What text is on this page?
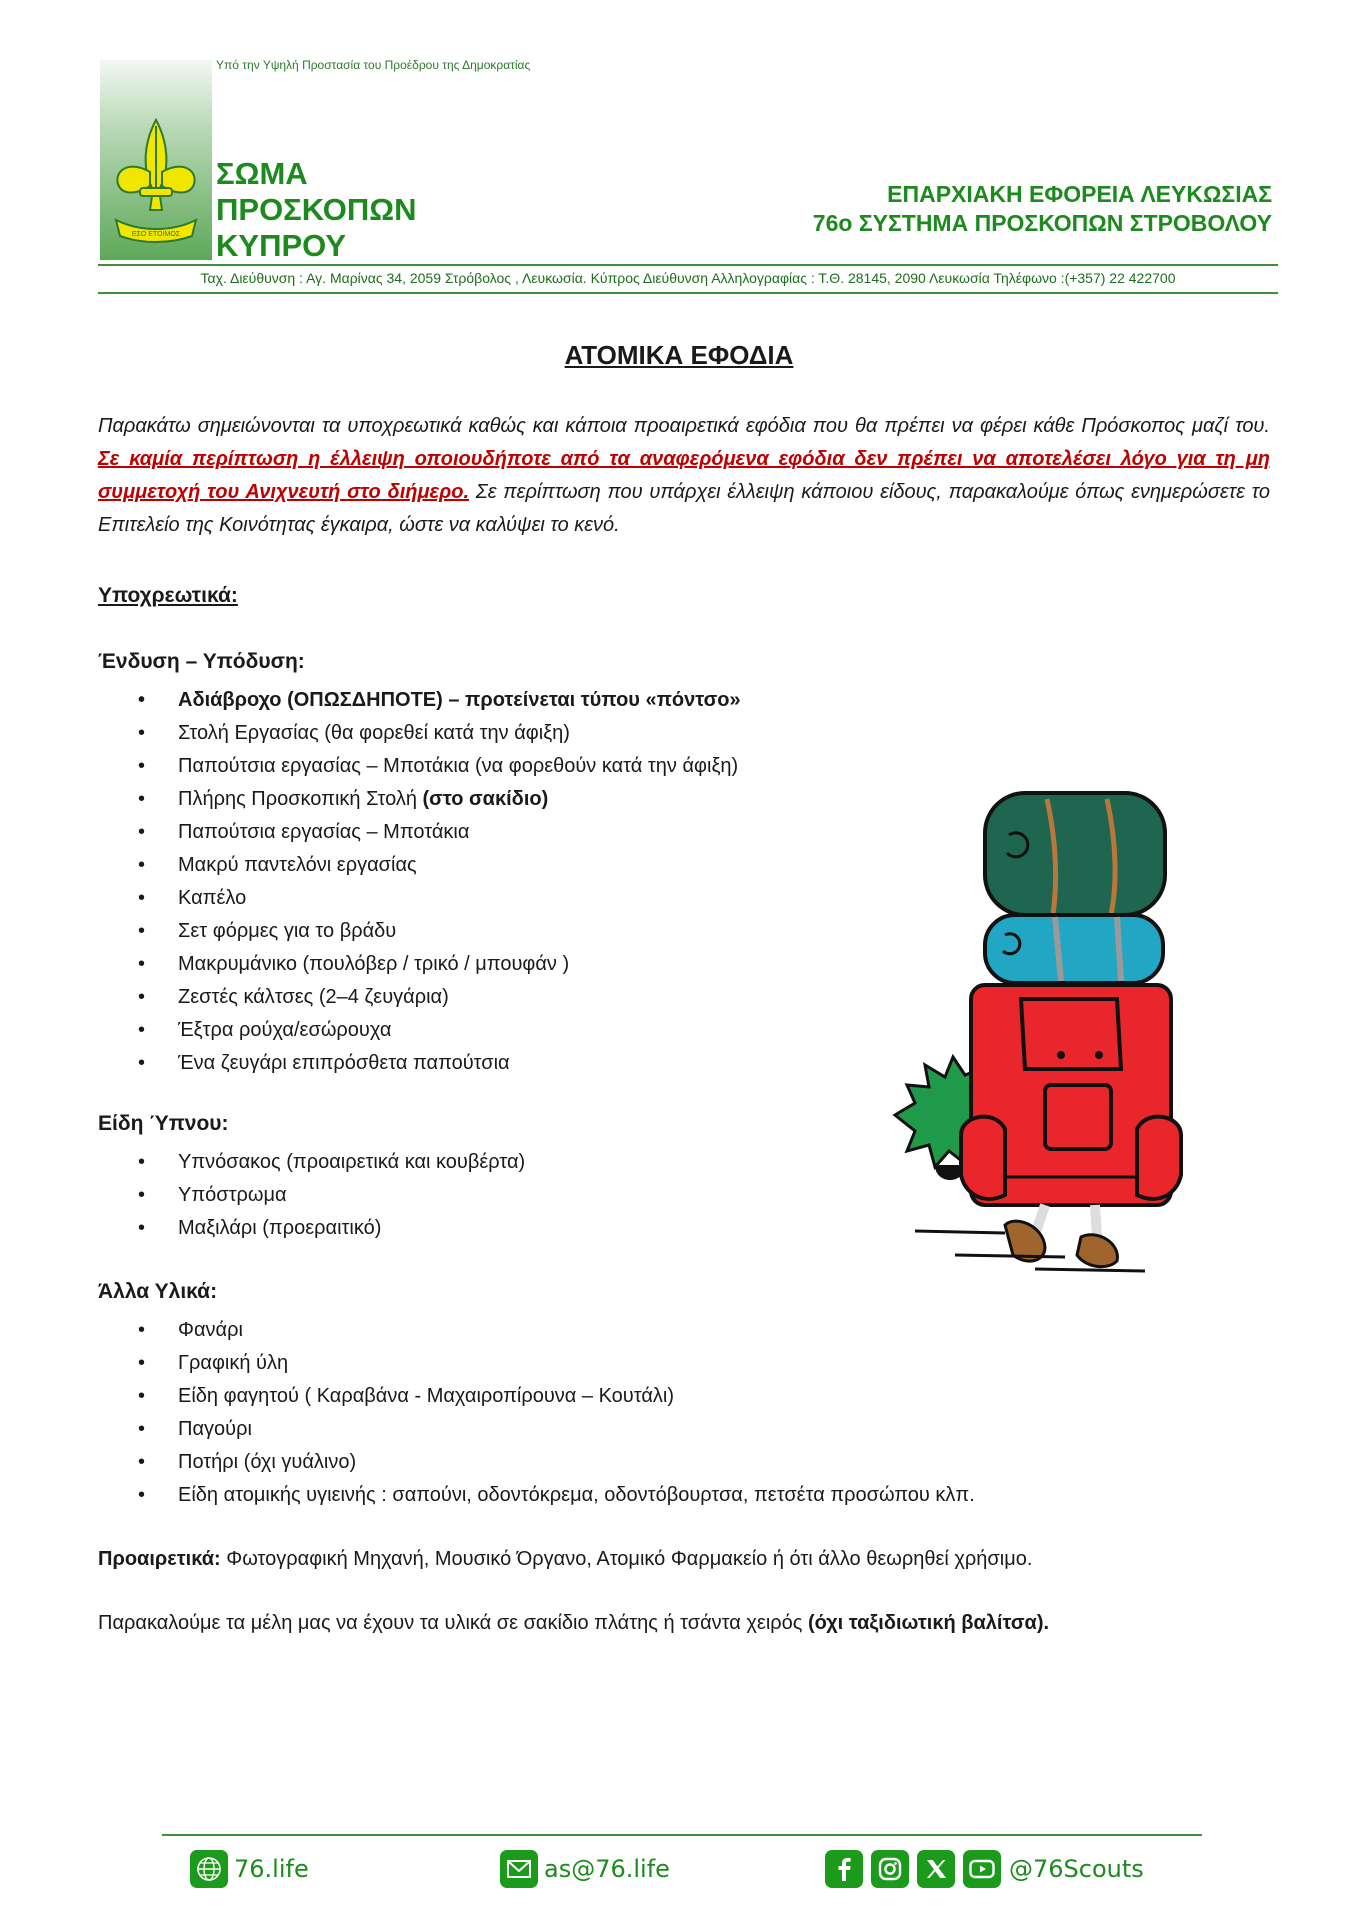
ΕΣΟ ΕΤΟΙΜΟΣ
Υπό την Υψηλή Προστασία του Προέδρου της Δημοκρατίας
ΣΩΜΑ
ΠΡΟΣΚΟΠΩΝ
ΚΥΠΡΟΥ
ΕΠΑΡΧΙΑΚΗ ΕΦΟΡΕΙΑ ΛΕΥΚΩΣΙΑΣ
76ο ΣΥΣΤΗΜΑ ΠΡΟΣΚΟΠΩΝ ΣΤΡΟΒΟΛΟΥ
Ταχ. Διεύθυνση : Αγ. Μαρίνας 34, 2059 Στρόβολος , Λευκωσία. Κύπρος Διεύθυνση Αλληλογραφίας : Τ.Θ. 28145, 2090 Λευκωσία Τηλέφωνο :(+357) 22 422700
ΑΤΟΜΙΚΑ ΕΦΟΔΙΑ
Παρακάτω σημειώνονται τα υποχρεωτικά καθώς και κάποια προαιρετικά εφόδια που θα πρέπει να φέρει κάθε Πρόσκοπος μαζί του. Σε καμία περίπτωση η έλλειψη οποιουδήποτε από τα αναφερόμενα εφόδια δεν πρέπει να αποτελέσει λόγο για τη μη συμμετοχή του Ανιχνευτή στο διήμερο. Σε περίπτωση που υπάρχει έλλειψη κάποιου είδους, παρακαλούμε όπως ενημερώσετε το Επιτελείο της Κοινότητας έγκαιρα, ώστε να καλύψει το κενό.
Υποχρεωτικά:
Ένδυση – Υπόδυση:
• Αδιάβροχο (ΟΠΩΣΔΗΠΟΤΕ) – προτείνεται τύπου «πόντσο»
• Στολή Εργασίας (θα φορεθεί κατά την άφιξη)
• Παπούτσια εργασίας – Μποτάκια (να φορεθούν κατά την άφιξη)
• Πλήρης Προσκοπική Στολή (στο σακίδιο)
• Παπούτσια εργασίας – Μποτάκια
• Μακρύ παντελόνι εργασίας
• Καπέλο
• Σετ φόρμες για το βράδυ
• Μακρυμάνικο (πουλόβερ / τρικό / μπουφάν )
• Ζεστές κάλτσες (2–4 ζευγάρια)
• Έξτρα ρούχα/εσώρουχα
• Ένα ζευγάρι επιπρόσθετα παπούτσια
Είδη Ύπνου:
• Υπνόσακος (προαιρετικά και κουβέρτα)
• Υπόστρωμα
• Μαξιλάρι (προεραιτικό)
Άλλα Υλικά:
• Φανάρι
• Γραφική ύλη
• Είδη φαγητού ( Καραβάνα - Μαχαιροπίρουνα – Κουτάλι)
• Παγούρι
• Ποτήρι (όχι γυάλινο)
• Είδη ατομικής υγιεινής : σαπούνι, οδοντόκρεμα, οδοντόβουρτσα, πετσέτα προσώπου κλπ.
Προαιρετικά: Φωτογραφική Μηχανή, Μουσικό Όργανο, Ατομικό Φαρμακείο ή ότι άλλο θεωρηθεί χρήσιμο.
Παρακαλούμε τα μέλη μας να έχουν τα υλικά σε σακίδιο πλάτης ή τσάντα χειρός (όχι ταξιδιωτική βαλίτσα).
76.life	as@76.life	@76Scouts
